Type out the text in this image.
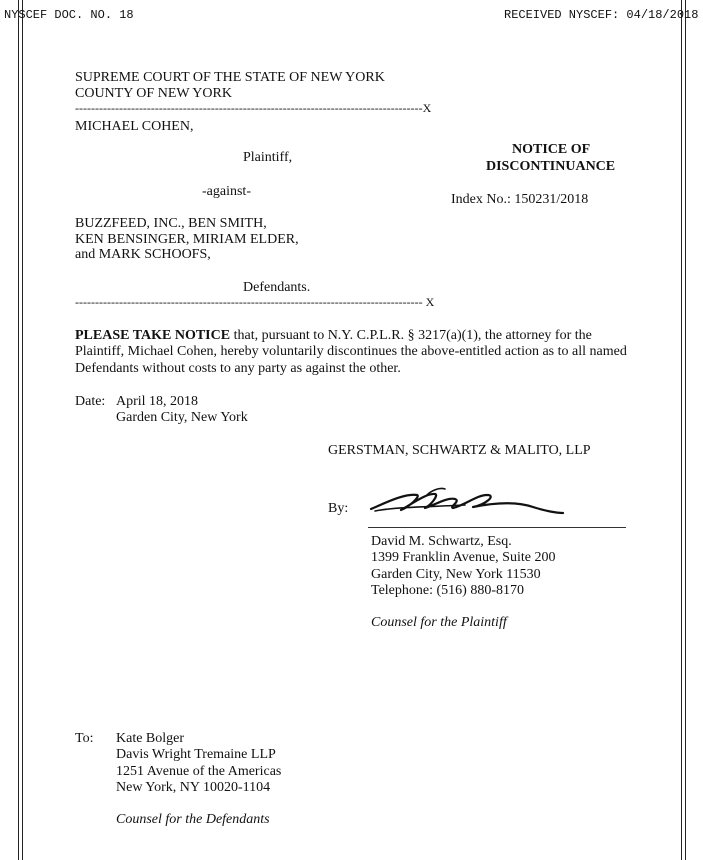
NYSCEF DOC. NO. 18	RECEIVED NYSCEF: 04/18/2018
SUPREME COURT OF THE STATE OF NEW YORK
COUNTY OF NEW YORK
---------------------------------------------------------------------------------------X
MICHAEL COHEN,
Plaintiff,
-against-
BUZZFEED, INC., BEN SMITH,
KEN BENSINGER, MIRIAM ELDER,
and MARK SCHOOFS,
Defendants.
--------------------------------------------------------------------------------------- X
NOTICE OF
DISCONTINUANCE
Index No.: 150231/2018
PLEASE TAKE NOTICE that, pursuant to N.Y. C.P.L.R. § 3217(a)(1), the attorney for the
Plaintiff, Michael Cohen, hereby voluntarily discontinues the above-entitled action as to all named
Defendants without costs to any party as against the other.
Date: April 18, 2018
Garden City, New York
GERSTMAN, SCHWARTZ & MALITO, LLP
By:
David M. Schwartz, Esq.
1399 Franklin Avenue, Suite 200
Garden City, New York 11530
Telephone: (516) 880-8170
Counsel for the Plaintiff
To: Kate Bolger
Davis Wright Tremaine LLP
1251 Avenue of the Americas
New York, NY 10020-1104
Counsel for the Defendants
